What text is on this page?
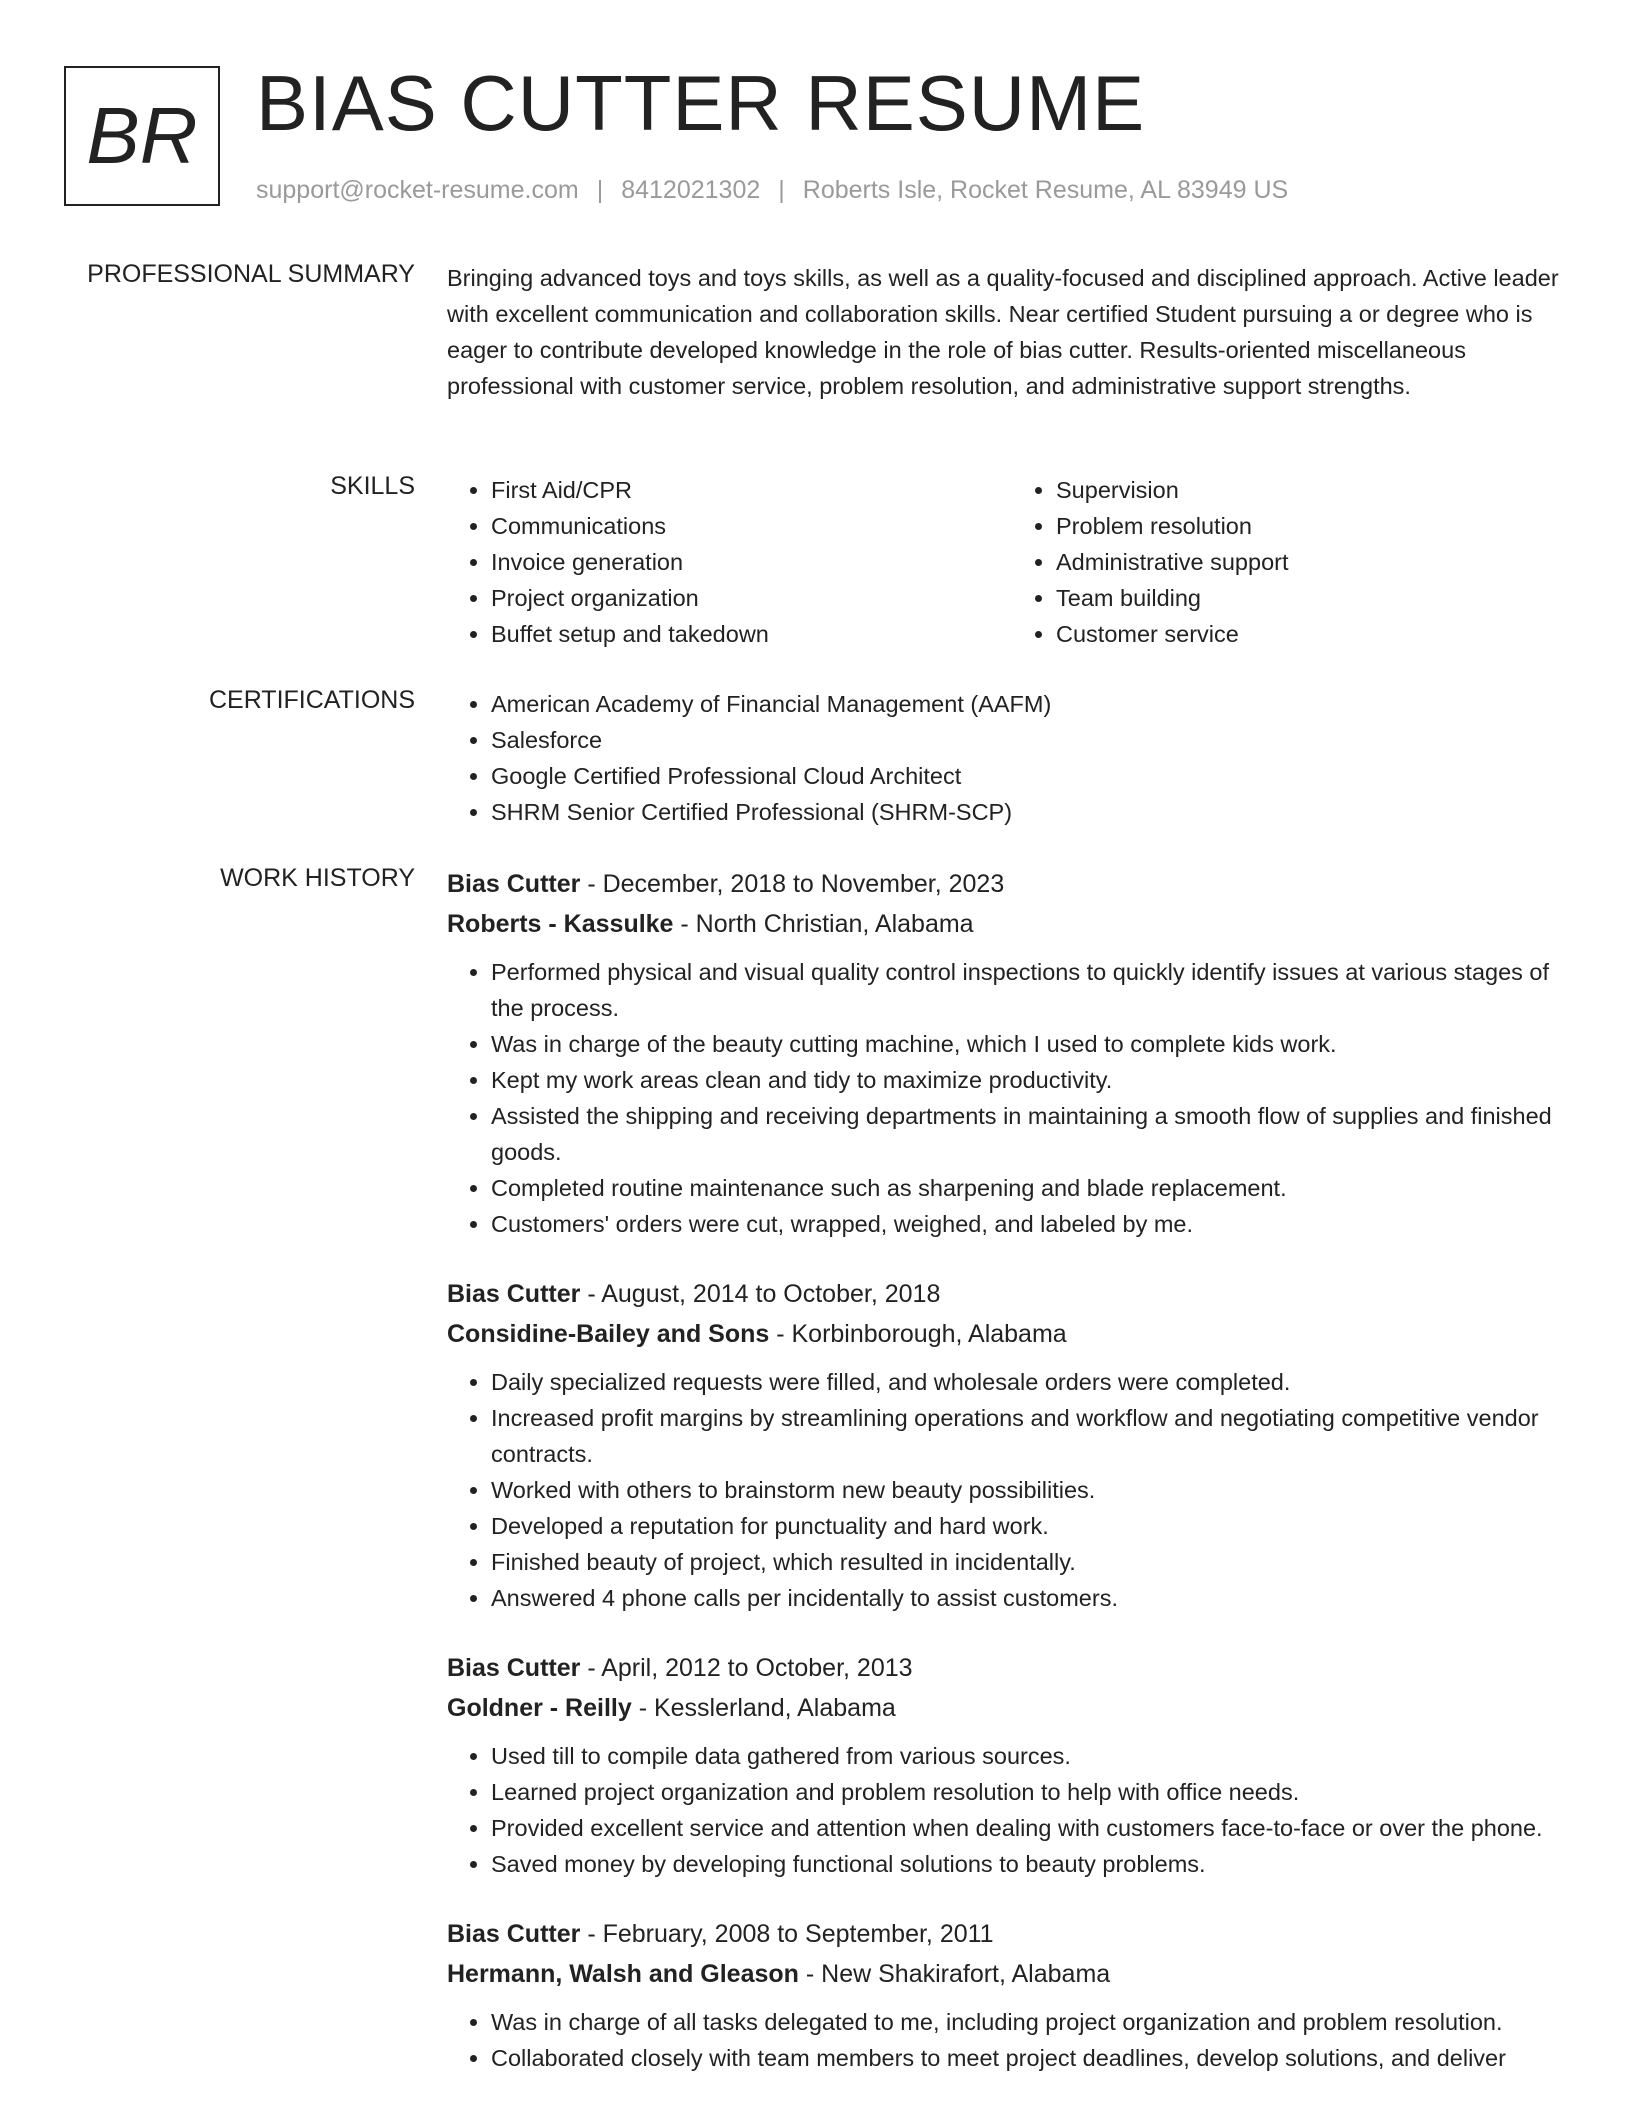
BR BIAS CUTTER RESUME
support@rocket-resume.com | 8412021302 | Roberts Isle, Rocket Resume, AL 83949 US
PROFESSIONAL SUMMARY Bringing advanced toys and toys skills, as well as a quality-focused and disciplined approach. Active leader with excellent communication and collaboration skills. Near certified Student pursuing a or degree who is eager to contribute developed knowledge in the role of bias cutter. Results-oriented miscellaneous professional with customer service, problem resolution, and administrative support strengths.

SKILLS	• First Aid/CPR
• Communications
• Invoice generation
• Project organization
• Buffet setup and takedown
• Supervision
• Problem resolution
• Administrative support
• Team building
• Customer service
CERTIFICATIONS	• American Academy of Financial Management (AAFM)
• Salesforce
• Google Certified Professional Cloud Architect
• SHRM Senior Certified Professional (SHRM-SCP)
WORK HISTORY Bias Cutter - December, 2018 to November, 2023
Roberts - Kassulke - North Christian, Alabama
• Performed physical and visual quality control inspections to quickly identify issues at various stages of the process.
• Was in charge of the beauty cutting machine, which I used to complete kids work.
• Kept my work areas clean and tidy to maximize productivity.
• Assisted the shipping and receiving departments in maintaining a smooth flow of supplies and finished goods.
• Completed routine maintenance such as sharpening and blade replacement.
• Customers' orders were cut, wrapped, weighed, and labeled by me.
Bias Cutter - August, 2014 to October, 2018
Considine-Bailey and Sons - Korbinborough, Alabama
• Daily specialized requests were filled, and wholesale orders were completed.
• Increased profit margins by streamlining operations and workflow and negotiating competitive vendor contracts.
• Worked with others to brainstorm new beauty possibilities.
• Developed a reputation for punctuality and hard work.
• Finished beauty of project, which resulted in incidentally.
• Answered 4 phone calls per incidentally to assist customers.
Bias Cutter - April, 2012 to October, 2013
Goldner - Reilly - Kesslerland, Alabama
• Used till to compile data gathered from various sources.
• Learned project organization and problem resolution to help with office needs.
• Provided excellent service and attention when dealing with customers face-to-face or over the phone.
• Saved money by developing functional solutions to beauty problems.
Bias Cutter - February, 2008 to September, 2011
Hermann, Walsh and Gleason - New Shakirafort, Alabama
• Was in charge of all tasks delegated to me, including project organization and problem resolution.
• Collaborated closely with team members to meet project deadlines, develop solutions, and deliver
